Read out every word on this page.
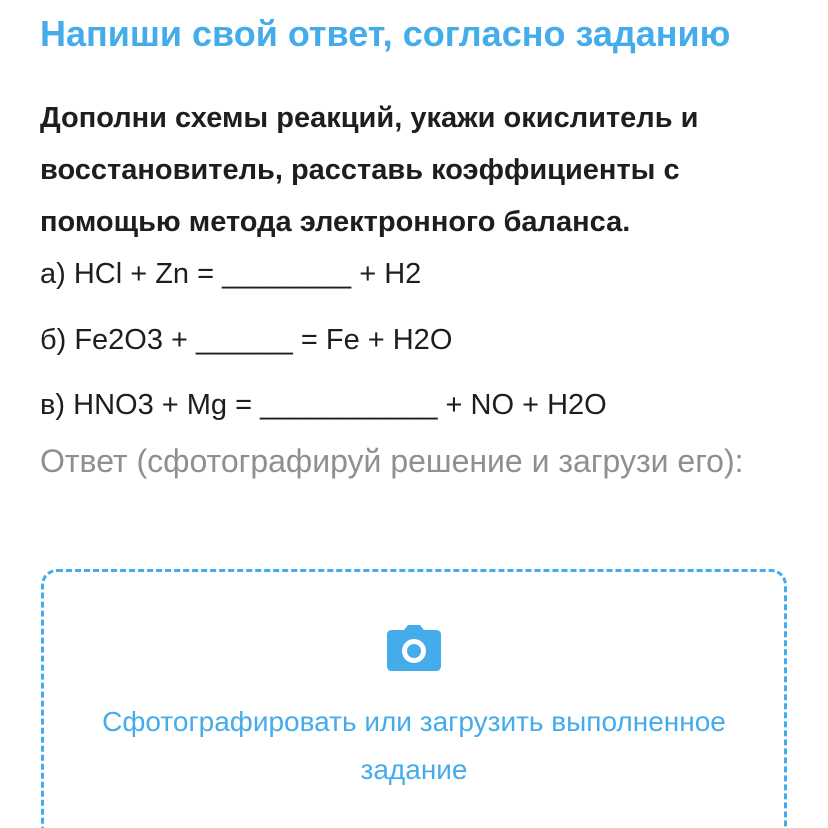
Напиши свой ответ, согласно заданию
Дополни схемы реакций, укажи окислитель и восстановитель, расставь коэффициенты с помощью метода электронного баланса.
а) HCl + Zn = ________ + H2
б) Fe2O3 + ______ = Fe + H2O
в) HNO3 + Mg = ___________ + NO + H2O
Ответ (сфотографируй решение и загрузи его):
Сфотографировать или загрузить выполненное задание
